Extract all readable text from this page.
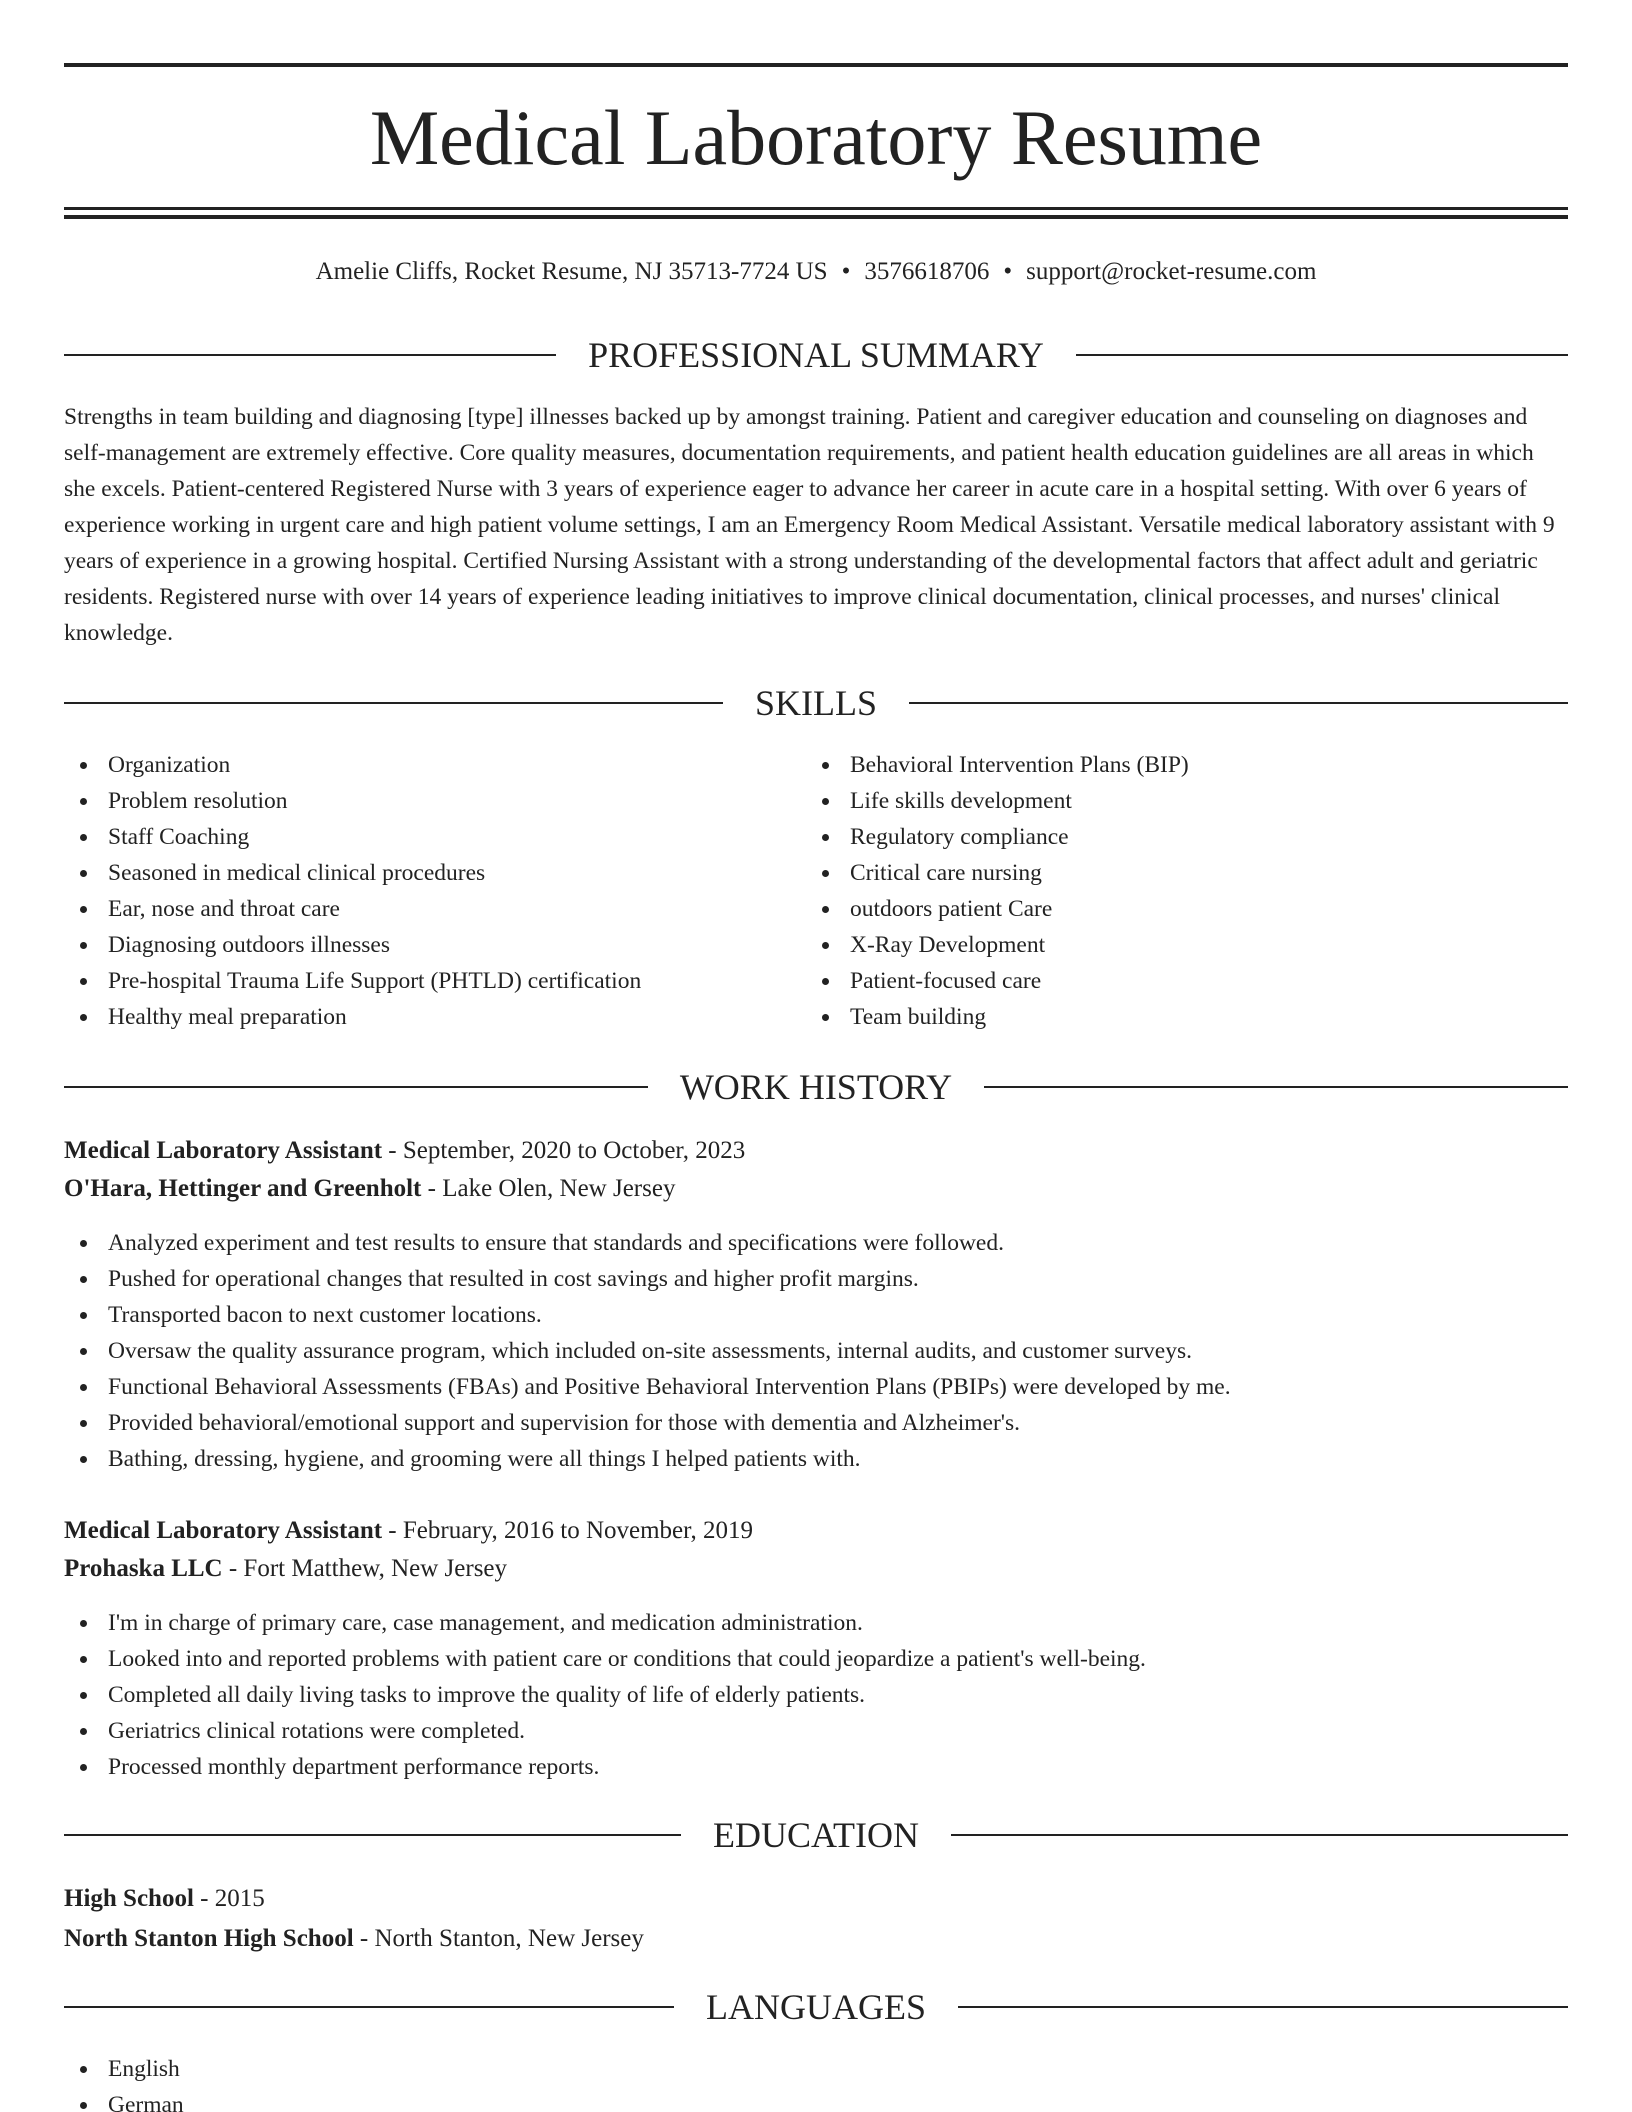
Medical Laboratory Resume
Amelie Cliffs, Rocket Resume, NJ 35713-7724 US • 3576618706 • support@rocket-resume.com
PROFESSIONAL SUMMARY

Strengths in team building and diagnosing [type] illnesses backed up by amongst training. Patient and caregiver education and counseling on diagnoses and self-management are extremely effective. Core quality measures, documentation requirements, and patient health education guidelines are all areas in which she excels. Patient-centered Registered Nurse with 3 years of experience eager to advance her career in acute care in a hospital setting. With over 6 years of experience working in urgent care and high patient volume settings, I am an Emergency Room Medical Assistant. Versatile medical laboratory assistant with 9 years of experience in a growing hospital. Certified Nursing Assistant with a strong understanding of the developmental factors that affect adult and geriatric residents. Registered nurse with over 14 years of experience leading initiatives to improve clinical documentation, clinical processes, and nurses' clinical knowledge.

SKILLS
Organization
Problem resolution
Staff Coaching
Seasoned in medical clinical procedures
Ear, nose and throat care
Diagnosing outdoors illnesses
Pre-hospital Trauma Life Support (PHTLD) certification
Healthy meal preparation
Behavioral Intervention Plans (BIP)
Life skills development
Regulatory compliance
Critical care nursing
outdoors patient Care
X-Ray Development
Patient-focused care
Team building
WORK HISTORY
Medical Laboratory Assistant - September, 2020 to October, 2023
O'Hara, Hettinger and Greenholt - Lake Olen, New Jersey
Analyzed experiment and test results to ensure that standards and specifications were followed.
Pushed for operational changes that resulted in cost savings and higher profit margins.
Transported bacon to next customer locations.
Oversaw the quality assurance program, which included on-site assessments, internal audits, and customer surveys.
Functional Behavioral Assessments (FBAs) and Positive Behavioral Intervention Plans (PBIPs) were developed by me.
Provided behavioral/emotional support and supervision for those with dementia and Alzheimer's.
Bathing, dressing, hygiene, and grooming were all things I helped patients with.
Medical Laboratory Assistant - February, 2016 to November, 2019
Prohaska LLC - Fort Matthew, New Jersey
I'm in charge of primary care, case management, and medication administration.
Looked into and reported problems with patient care or conditions that could jeopardize a patient's well-being.
Completed all daily living tasks to improve the quality of life of elderly patients.
Geriatrics clinical rotations were completed.
Processed monthly department performance reports.
EDUCATION
High School - 2015
North Stanton High School - North Stanton, New Jersey
LANGUAGES
English
German
